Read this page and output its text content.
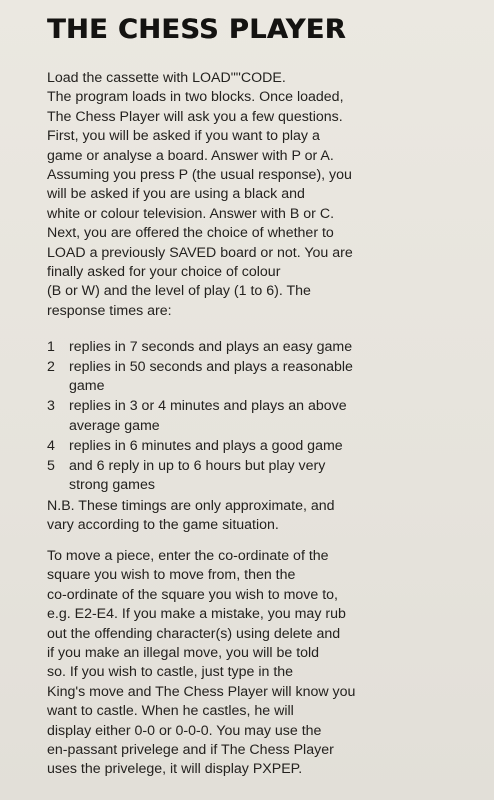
THE CHESS PLAYER
Load the cassette with LOAD""CODE.
The program loads in two blocks. Once loaded,
The Chess Player will ask you a few questions.
First, you will be asked if you want to play a
game or analyse a board. Answer with P or A.
Assuming you press P (the usual response), you
will be asked if you are using a black and
white or colour television. Answer with B or C.
Next, you are offered the choice of whether to
LOAD a previously SAVED board or not. You are
finally asked for your choice of colour
(B or W) and the level of play (1 to 6). The
response times are:
1 replies in 7 seconds and plays an easy game
2 replies in 50 seconds and plays a reasonable
game
3 replies in 3 or 4 minutes and plays an above
average game
4 replies in 6 minutes and plays a good game
5 and 6 reply in up to 6 hours but play very
strong games
N.B. These timings are only approximate, and
vary according to the game situation.
To move a piece, enter the co-ordinate of the
square you wish to move from, then the
co-ordinate of the square you wish to move to,
e.g. E2-E4. If you make a mistake, you may rub
out the offending character(s) using delete and
if you make an illegal move, you will be told
so. If you wish to castle, just type in the
King's move and The Chess Player will know you
want to castle. When he castles, he will
display either 0-0 or 0-0-0. You may use the
en-passant privelege and if The Chess Player
uses the privelege, it will display PXPEP.
